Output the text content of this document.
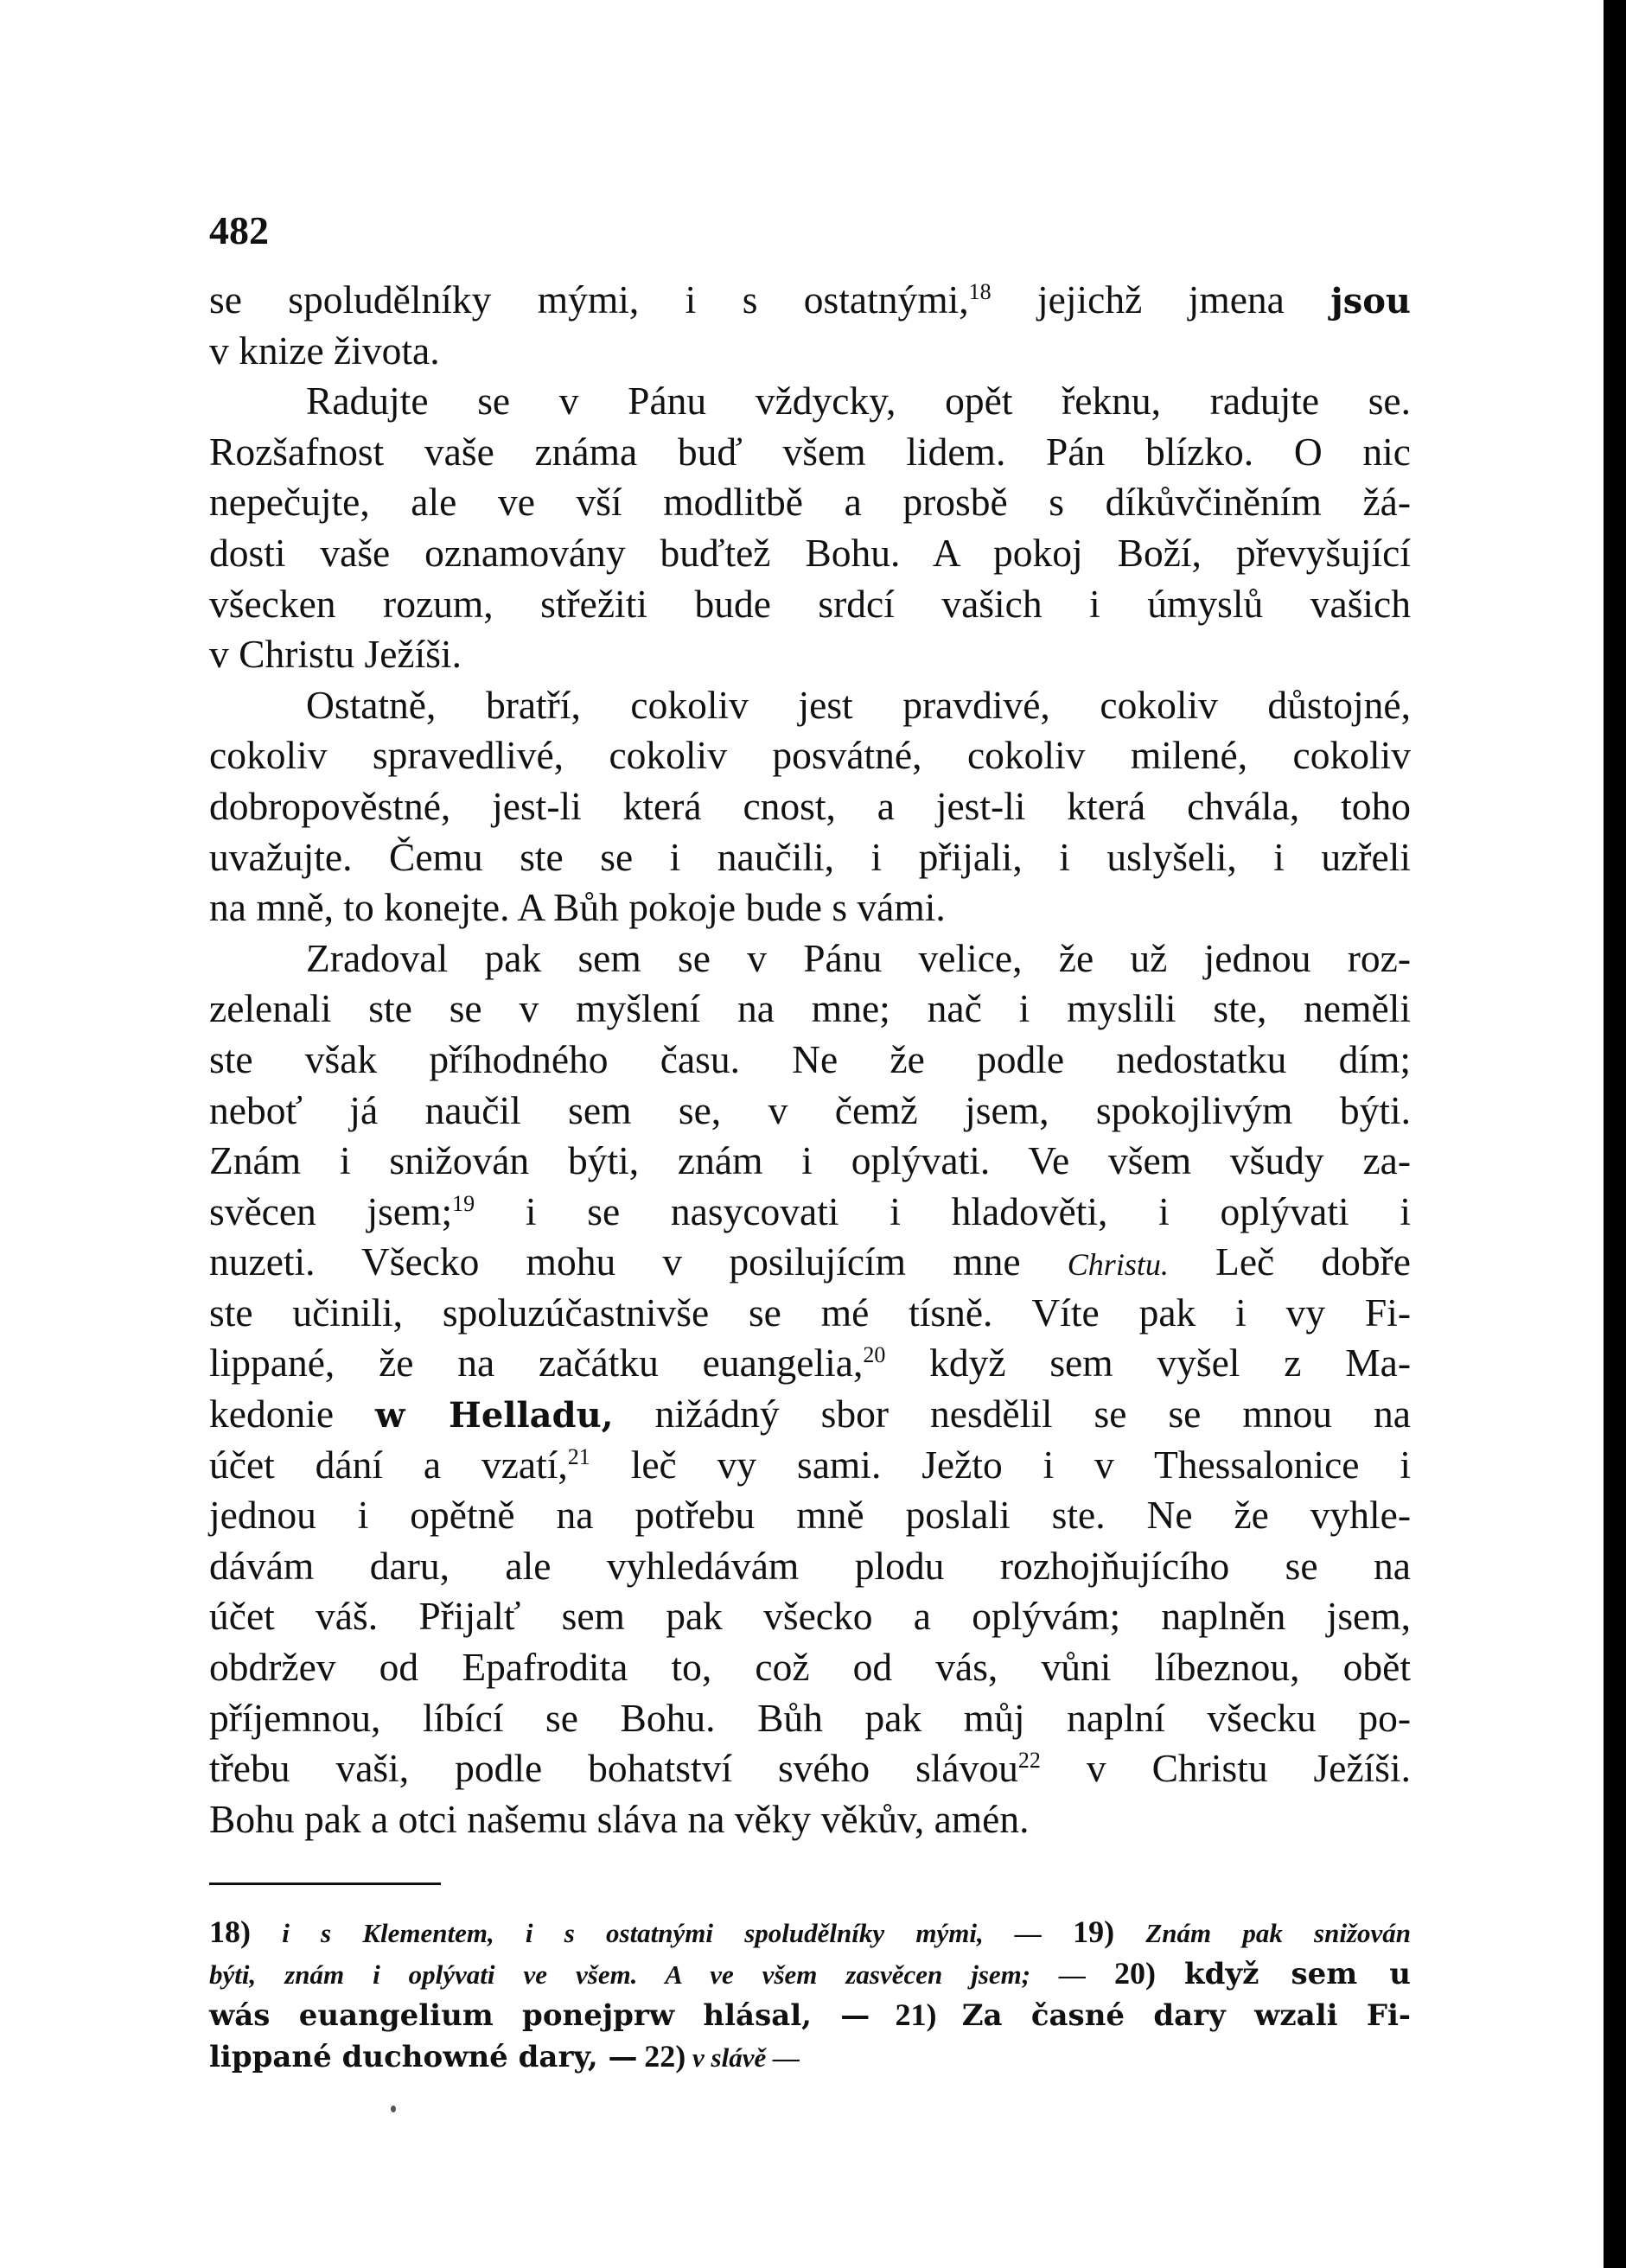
482
se spoludělníky mými, i s ostatnými,$^{18}$ jejichž jmena jsou
v knize života.
Radujte se v Pánu vždycky, opět řeknu, radujte se.
Rozšafnost vaše známa buď všem lidem. Pán blízko. O nic
nepečujte, ale ve vší modlitbě a prosbě s díkůvčiněním žá-
dosti vaše oznamovány buďtež Bohu. A pokoj Boží, převyšující
všecken rozum, střežiti bude srdcí vašich i úmyslů vašich
v Christu Ježíši.
Ostatně, bratří, cokoliv jest pravdivé, cokoliv důstojné,
cokoliv spravedlivé, cokoliv posvátné, cokoliv milené, cokoliv
dobropověstné, jest-li která cnost, a jest-li která chvála, toho
uvažujte. Čemu ste se i naučili, i přijali, i uslyšeli, i uzřeli
na mně, to konejte. A Bůh pokoje bude s vámi.
Zradoval pak sem se v Pánu velice, že už jednou roz-
zelenali ste se v myšlení na mne; nač i myslili ste, neměli
ste však příhodného času. Ne že podle nedostatku dím;
neboť já naučil sem se, v čemž jsem, spokojlivým býti.
Znám i snižován býti, znám i oplývati. Ve všem všudy za-
svěcen jsem;$^{19}$ i se nasycovati i hladověti, i oplývati i
nuzeti. Všecko mohu v posilujícím mne Christu. Leč dobře
ste učinili, spoluzúčastnivše se mé tísně. Víte pak i vy Fi-
lippané, že na začátku euangelia,$^{20}$ když sem vyšel z Ma-
kedonie w Helladu, nižádný sbor nesdělil se se mnou na
účet dání a vzatí,$^{21}$ leč vy sami. Ježto i v Thessalonice i
jednou i opětně na potřebu mně poslali ste. Ne že vyhle-
dávám daru, ale vyhledávám plodu rozhojňujícího se na
účet váš. Přijalť sem pak všecko a oplývám; naplněn jsem,
obdržev od Epafrodita to, což od vás, vůni líbeznou, obět
příjemnou, líbící se Bohu. Bůh pak můj naplní všecku po-
třebu vaši, podle bohatství svého slávou$^{22}$ v Christu Ježíši.
Bohu pak a otci našemu sláva na věky věkův, amén.
18) i s Klementem, i s ostatnými spoludělníky mými, — 19) Znám pak snižován
býti, znám i oplývati ve všem. A ve všem zasvěcen jsem; — 20) když sem u
wás euangelium ponejprw hlásal, — 21) Za časné dary wzali Fi-
lippané duchowné dary, — 22) v slávě —
